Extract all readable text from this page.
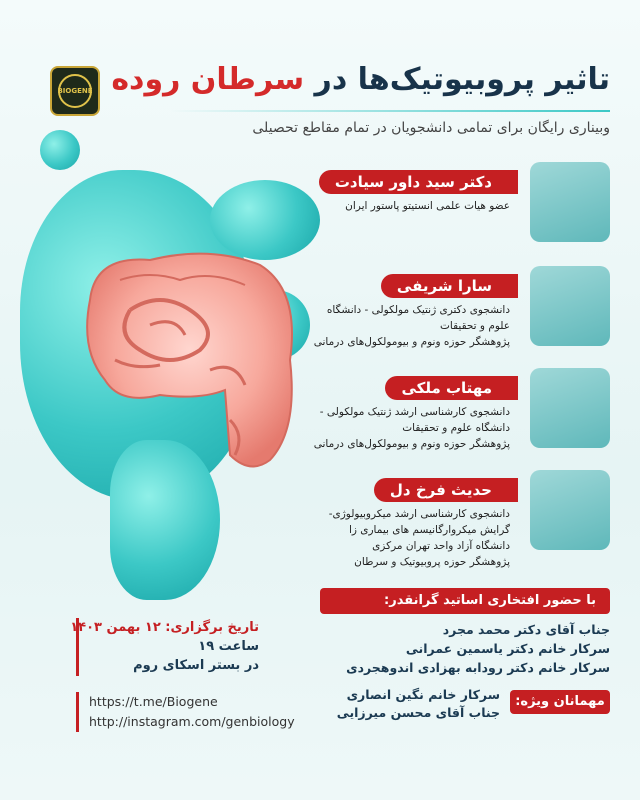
BIOGENE	تاثیر پروبیوتیک‌ها در سرطان روده
وبیناری رایگان برای تمامی دانشجویان در تمام مقاطع تحصیلی
دکتر سید داور سیادت
عضو هیات علمی انستیتو پاستور ایران
سارا شریفی
دانشجوی دکتری ژنتیک مولکولی - دانشگاه
علوم و تحقیقات
پژوهشگر حوزه ونوم و بیومولکول‌های درمانی
مهتاب ملکی
دانشجوی کارشناسی ارشد ژنتیک مولکولی -
دانشگاه علوم و تحقیقات
پژوهشگر حوزه ونوم و بیومولکول‌های درمانی
حدیث فرخ دل
دانشجوی کارشناسی ارشد میکروبیولوژی-
گرایش میکروارگانیسم های بیماری زا
دانشگاه آزاد واحد تهران مرکزی
پژوهشگر حوزه پروبیوتیک و سرطان
با حضور افتخاری اساتید گرانقدر:
جناب آقای دکتر محمد مجرد
سرکار خانم دکتر یاسمین عمرانی
سرکار خانم دکتر رودابه بهزادی اندوهجردی
تاریخ برگزاری: ۱۲ بهمن ۱۴۰۳
ساعت ۱۹
در بستر اسکای روم
https://t.me/Biogene
http://instagram.com/genbiology
مهمانان ویژه:
سرکار خانم نگین انصاری
جناب آقای محسن میرزایی
